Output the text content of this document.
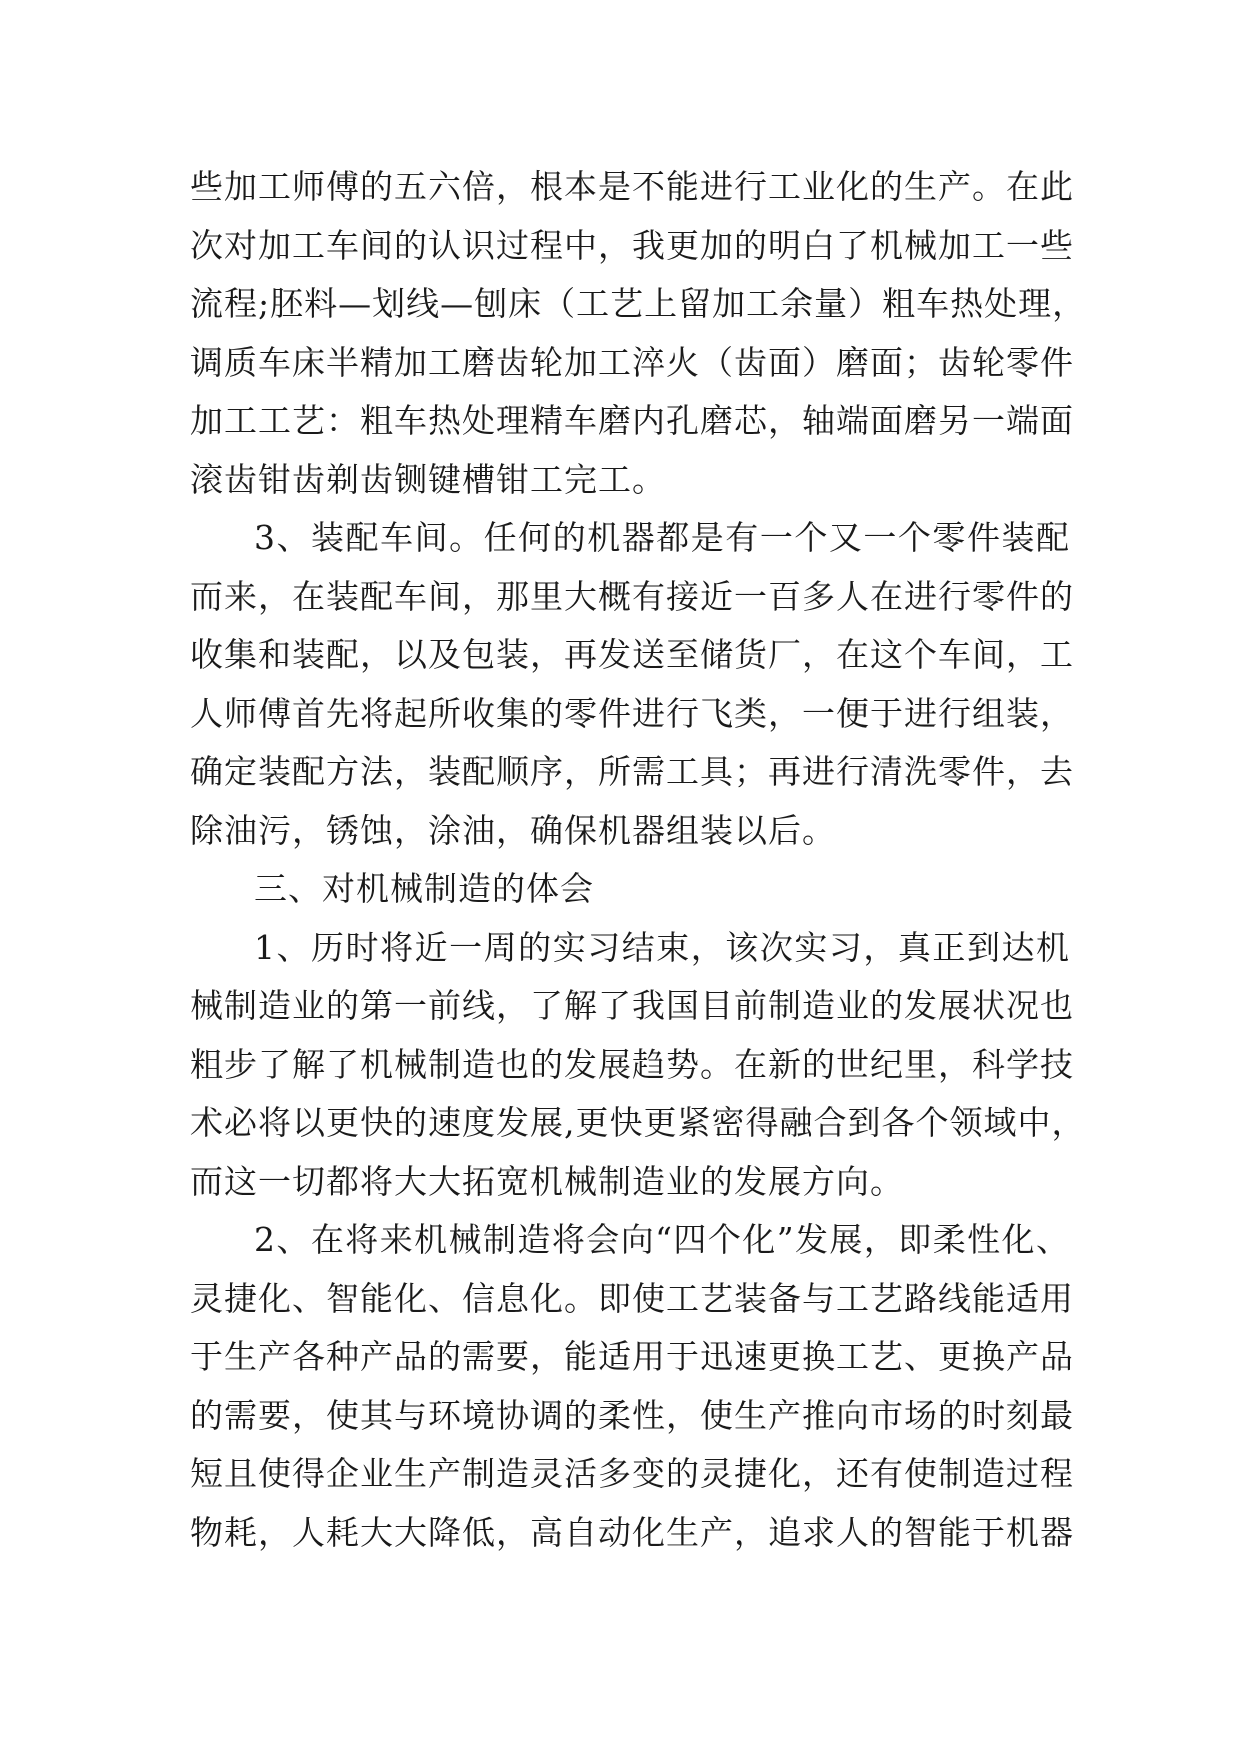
些加工师傅的五六倍，根本是不能进行工业化的生产。在此
次对加工车间的认识过程中，我更加的明白了机械加工一些
流程;胚料—划线—刨床（工艺上留加工余量）粗车热处理，
调质车床半精加工磨齿轮加工淬火（齿面）磨面；齿轮零件
加工工艺：粗车热处理精车磨内孔磨芯，轴端面磨另一端面
滚齿钳齿剃齿铡键槽钳工完工。
3、装配车间。任何的机器都是有一个又一个零件装配
而来，在装配车间，那里大概有接近一百多人在进行零件的
收集和装配，以及包装，再发送至储货厂，在这个车间，工
人师傅首先将起所收集的零件进行飞类，一便于进行组装，
确定装配方法，装配顺序，所需工具；再进行清洗零件，去
除油污，锈蚀，涂油，确保机器组装以后。
三、对机械制造的体会
1、历时将近一周的实习结束，该次实习，真正到达机
械制造业的第一前线，了解了我国目前制造业的发展状况也
粗步了解了机械制造也的发展趋势。在新的世纪里，科学技
术必将以更快的速度发展,更快更紧密得融合到各个领域中，
而这一切都将大大拓宽机械制造业的发展方向。
2、在将来机械制造将会向“四个化”发展，即柔性化、
灵捷化、智能化、信息化。即使工艺装备与工艺路线能适用
于生产各种产品的需要，能适用于迅速更换工艺、更换产品
的需要，使其与环境协调的柔性，使生产推向市场的时刻最
短且使得企业生产制造灵活多变的灵捷化，还有使制造过程
物耗，人耗大大降低，高自动化生产，追求人的智能于机器
